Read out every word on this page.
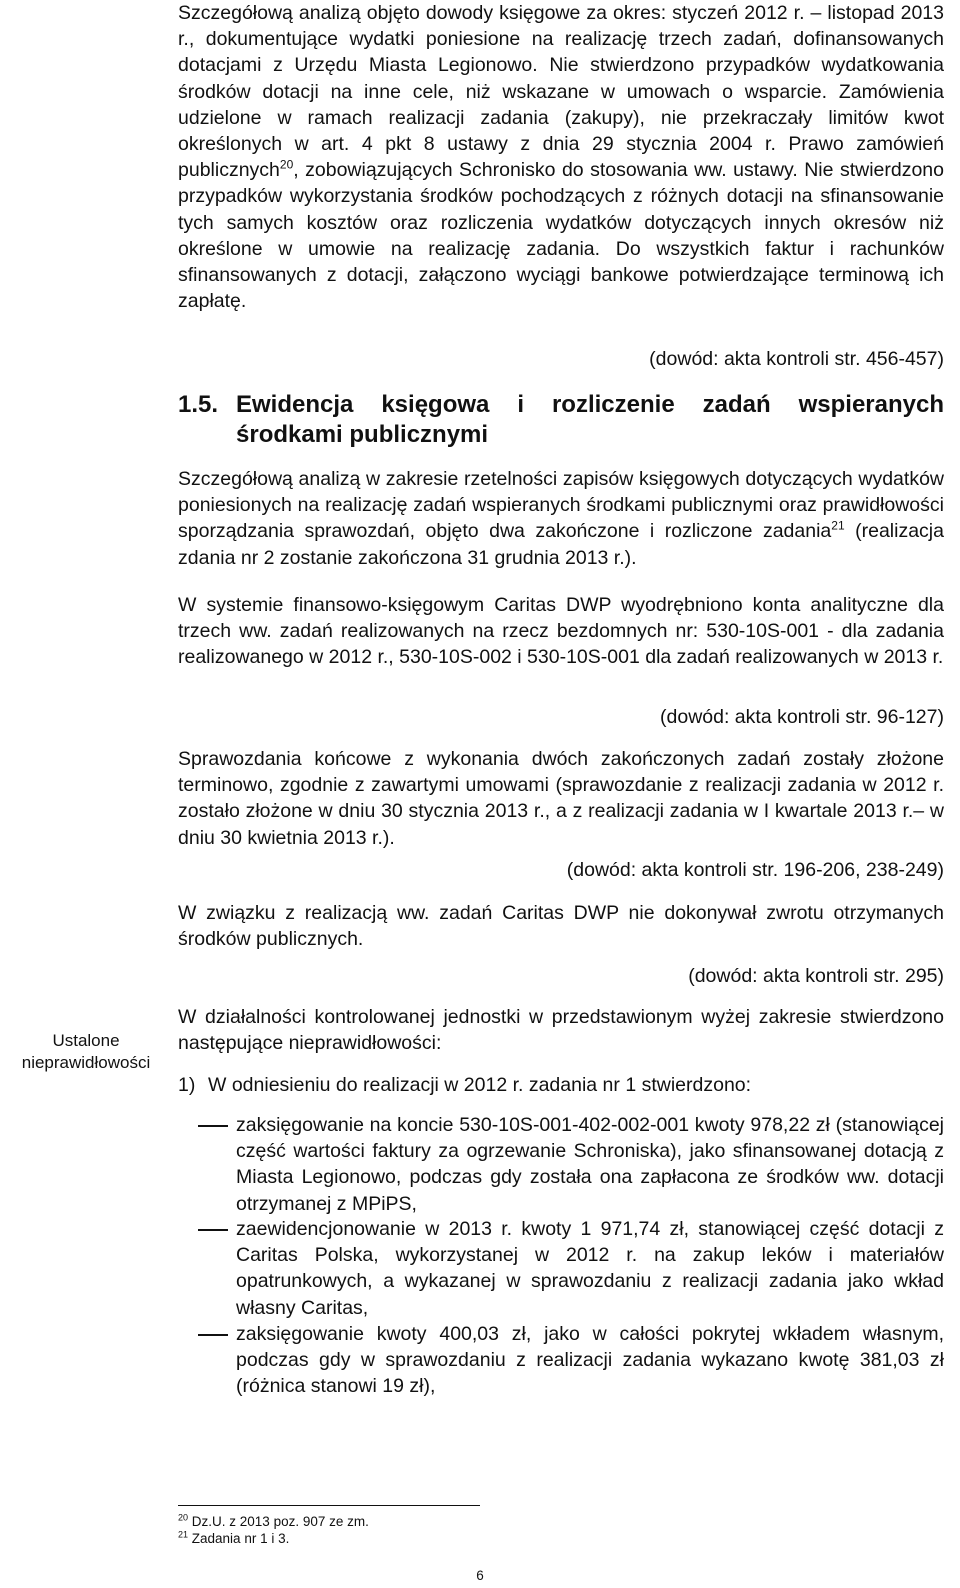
Ustalone nieprawidłowości

Szczegółową analizą objęto dowody księgowe za okres: styczeń 2012 r. – listopad 2013 r., dokumentujące wydatki poniesione na realizację trzech zadań, dofinansowanych dotacjami z Urzędu Miasta Legionowo. Nie stwierdzono przypadków wydatkowania środków dotacji na inne cele, niż wskazane w umowach o wsparcie. Zamówienia udzielone w ramach realizacji zadania (zakupy), nie przekraczały limitów kwot określonych w art. 4 pkt 8 ustawy z dnia 29 stycznia 2004 r. Prawo zamówień publicznych$^{20}$, zobowiązujących Schronisko do stosowania ww. ustawy. Nie stwierdzono przypadków wykorzystania środków pochodzących z różnych dotacji na sfinansowanie tych samych kosztów oraz rozliczenia wydatków dotyczących innych okresów niż określone w umowie na realizację zadania. Do wszystkich faktur i rachunków sfinansowanych z dotacji, załączono wyciągi bankowe potwierdzające terminową ich zapłatę.

(dowód: akta kontroli str. 456-457)

1.5. Ewidencja księgowa i rozliczenie zadań wspieranych środkami publicznymi

Szczegółową analizą w zakresie rzetelności zapisów księgowych dotyczących wydatków poniesionych na realizację zadań wspieranych środkami publicznymi oraz prawidłowości sporządzania sprawozdań, objęto dwa zakończone i rozliczone zadania$^{21}$ (realizacja zdania nr 2 zostanie zakończona 31 grudnia 2013 r.).

W systemie finansowo-księgowym Caritas DWP wyodrębniono konta analityczne dla trzech ww. zadań realizowanych na rzecz bezdomnych nr: 530-10S-001 - dla zadania realizowanego w 2012 r., 530-10S-002 i 530-10S-001 dla zadań realizowanych w 2013 r.

(dowód: akta kontroli str. 96-127)

Sprawozdania końcowe z wykonania dwóch zakończonych zadań zostały złożone terminowo, zgodnie z zawartymi umowami (sprawozdanie z realizacji zadania w 2012 r. zostało złożone w dniu 30 stycznia 2013 r., a z realizacji zadania w I kwartale 2013 r.– w dniu 30 kwietnia 2013 r.).

(dowód: akta kontroli str. 196-206, 238-249)

W związku z realizacją ww. zadań Caritas DWP nie dokonywał zwrotu otrzymanych środków publicznych.

(dowód: akta kontroli str. 295)

W działalności kontrolowanej jednostki w przedstawionym wyżej zakresie stwierdzono następujące nieprawidłowości:

1) W odniesieniu do realizacji w 2012 r. zadania nr 1 stwierdzono:

zaksięgowanie na koncie 530-10S-001-402-002-001 kwoty 978,22 zł (stanowiącej część wartości faktury za ogrzewanie Schroniska), jako sfinansowanej dotacją z Miasta Legionowo, podczas gdy została ona zapłacona ze środków ww. dotacji otrzymanej z MPiPS,

zaewidencjonowanie w 2013 r. kwoty 1 971,74 zł, stanowiącej część dotacji z Caritas Polska, wykorzystanej w 2012 r. na zakup leków i materiałów opatrunkowych, a wykazanej w sprawozdaniu z realizacji zadania jako wkład własny Caritas,

zaksięgowanie kwoty 400,03 zł, jako w całości pokrytej wkładem własnym, podczas gdy w sprawozdaniu z realizacji zadania wykazano kwotę 381,03 zł (różnica stanowi 19 zł),

$^{20}$ Dz.U. z 2013 poz. 907 ze zm.
$^{21}$ Zadania nr 1 i 3.
6
